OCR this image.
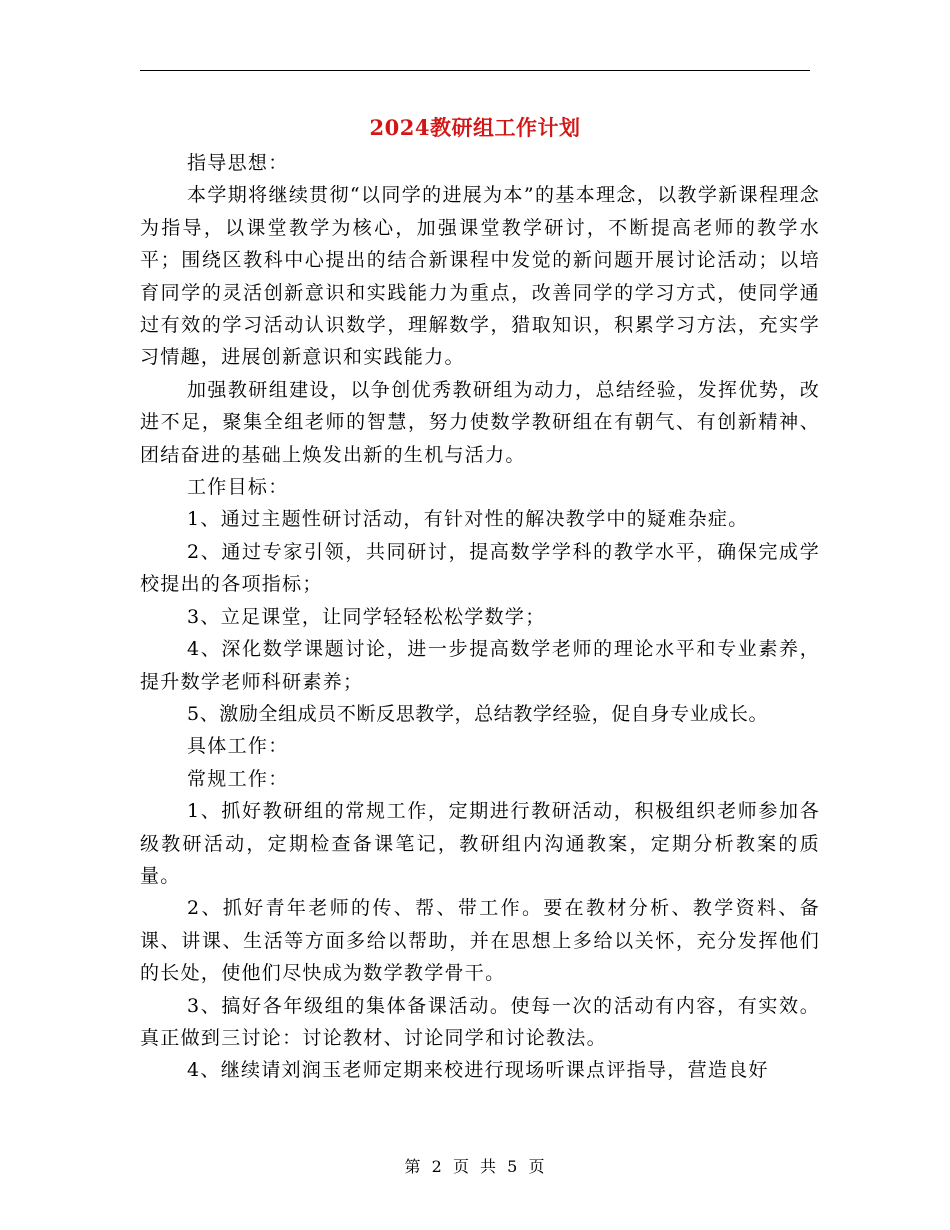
2024教研组工作计划

指导思想：

本学期将继续贯彻“以同学的进展为本”的基本理念，以教学新课程理念为指导，以课堂教学为核心，加强课堂教学研讨，不断提高老师的教学水平；围绕区教科中心提出的结合新课程中发觉的新问题开展讨论活动；以培育同学的灵活创新意识和实践能力为重点，改善同学的学习方式，使同学通过有效的学习活动认识数学，理解数学，猎取知识，积累学习方法，充实学习情趣，进展创新意识和实践能力。

加强教研组建设，以争创优秀教研组为动力，总结经验，发挥优势，改进不足，聚集全组老师的智慧，努力使数学教研组在有朝气、有创新精神、团结奋进的基础上焕发出新的生机与活力。

工作目标：

1、通过主题性研讨活动，有针对性的解决教学中的疑难杂症。

2、通过专家引领，共同研讨，提高数学学科的教学水平，确保完成学校提出的各项指标；

3、立足课堂，让同学轻轻松松学数学；

4、深化数学课题讨论，进一步提高数学老师的理论水平和专业素养，提升数学老师科研素养；

5、激励全组成员不断反思教学，总结教学经验，促自身专业成长。

具体工作：

常规工作：

1、抓好教研组的常规工作，定期进行教研活动，积极组织老师参加各级教研活动，定期检查备课笔记，教研组内沟通教案，定期分析教案的质量。

2、抓好青年老师的传、帮、带工作。要在教材分析、教学资料、备课、讲课、生活等方面多给以帮助，并在思想上多给以关怀，充分发挥他们的长处，使他们尽快成为数学教学骨干。

3、搞好各年级组的集体备课活动。使每一次的活动有内容，有实效。真正做到三讨论：讨论教材、讨论同学和讨论教法。

4、继续请刘润玉老师定期来校进行现场听课点评指导，营造良好

第 2 页 共 5 页
